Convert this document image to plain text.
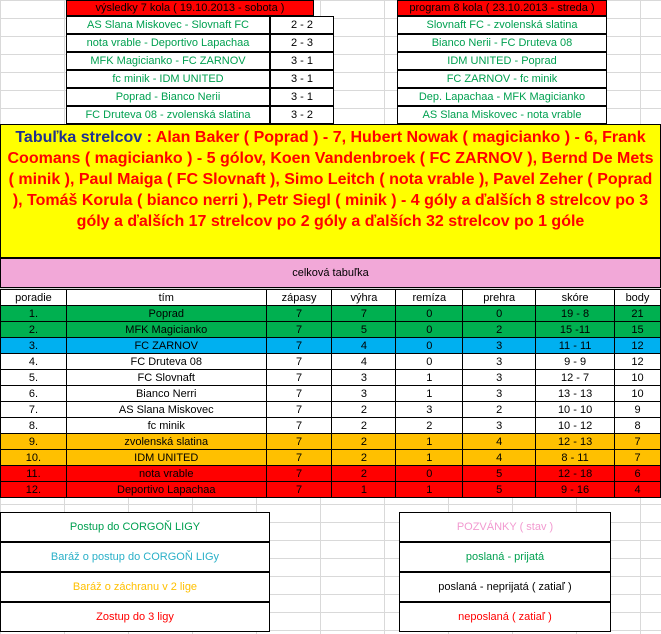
výsledky 7 kola ( 19.10.2013 - sobota )	program 8 kola ( 23.10.2013 - streda )
AS Slana Miskovec - Slovnaft FC	2 - 2
nota vrable - Deportivo Lapachaa	2 - 3
MFK Magicianko - FC ZARNOV	3 - 1
fc minik - IDM UNITED	3 - 1
Poprad - Bianco Nerii	3 - 1
FC Druteva 08 - zvolenská slatina	3 - 2
Slovnaft FC - zvolenská slatina
Bianco Nerii - FC Druteva 08
IDM UNITED - Poprad
FC ZARNOV - fc minik
Dep. Lapachaa - MFK Magicianko
AS Slana Miskovec - nota vrable
Tabuľka strelcov : Alan Baker ( Poprad ) - 7, Hubert Nowak ( magicianko ) - 6, Frank Coomans ( magicianko ) - 5 gólov, Koen Vandenbroek ( FC ZARNOV ), Bernd De Mets ( minik ), Paul Maiga ( FC Slovnaft ), Simo Leitch ( nota vrable ), Pavel Zeher ( Poprad ), Tomáš Korula ( bianco nerri ), Petr Siegl ( minik ) - 4 góly a ďalších 8 strelcov po 3 góly a ďalších 17 strelcov po 2 góly a ďalších 32 strelcov po 1 góle
celková tabuľka
poradie	tím	zápasy	výhra	remíza	prehra	skóre	body
1.	Poprad	7	7	0	0	19 - 8	21
2.	MFK Magicianko	7	5	0	2	15 -11	15
3.	FC ZARNOV	7	4	0	3	11 - 11	12
4.	FC Druteva 08	7	4	0	3	9 - 9	12
5.	FC Slovnaft	7	3	1	3	12 - 7	10
6.	Bianco Nerri	7	3	1	3	13 - 13	10
7.	AS Slana Miskovec	7	2	3	2	10 - 10	9
8.	fc minik	7	2	2	3	10 - 12	8
9.	zvolenská slatina	7	2	1	4	12 - 13	7
10.	IDM UNITED	7	2	1	4	8 - 11	7
11.	nota vrable	7	2	0	5	12 - 18	6
12.	Deportivo Lapachaa	7	1	1	5	9 - 16	4
Postup do CORGOŇ LIGY
Baráž o postup do CORGOŇ LIGy
Baráž o záchranu v 2 lige
Zostup do 3 ligy
POZVÁNKY ( stav )
poslaná - prijatá
poslaná - neprijatá ( zatiaľ )
neposlaná ( zatiaľ )
